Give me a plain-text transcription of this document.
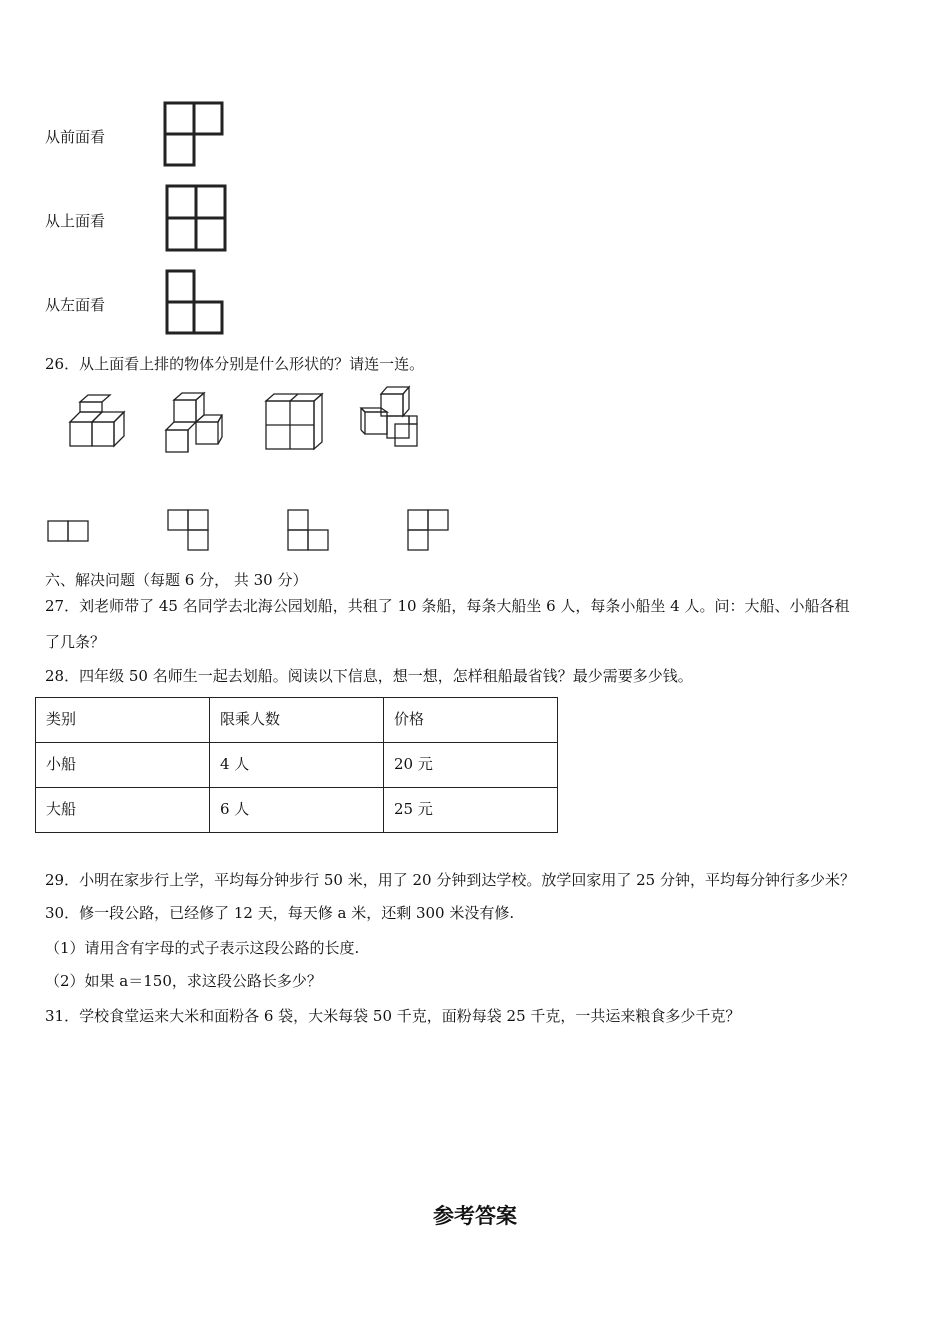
从前面看
从上面看
从左面看
26．从上面看上排的物体分别是什么形状的？请连一连。
六、解决问题（每题 6 分， 共 30 分）
27．刘老师带了 45 名同学去北海公园划船，共租了 10 条船，每条大船坐 6 人，每条小船坐 4 人。问：大船、小船各租
了几条？
28．四年级 50 名师生一起去划船。阅读以下信息，想一想，怎样租船最省钱？最少需要多少钱。
类别	限乘人数	价格
小船	4 人	20 元
大船	6 人	25 元
29．小明在家步行上学，平均每分钟步行 50 米，用了 20 分钟到达学校。放学回家用了 25 分钟，平均每分钟行多少米？
30．修一段公路，已经修了 12 天，每天修 a 米，还剩 300 米没有修.
（1）请用含有字母的式子表示这段公路的长度.
（2）如果 a＝150，求这段公路长多少？
31．学校食堂运来大米和面粉各 6 袋，大米每袋 50 千克，面粉每袋 25 千克，一共运来粮食多少千克？
参考答案
